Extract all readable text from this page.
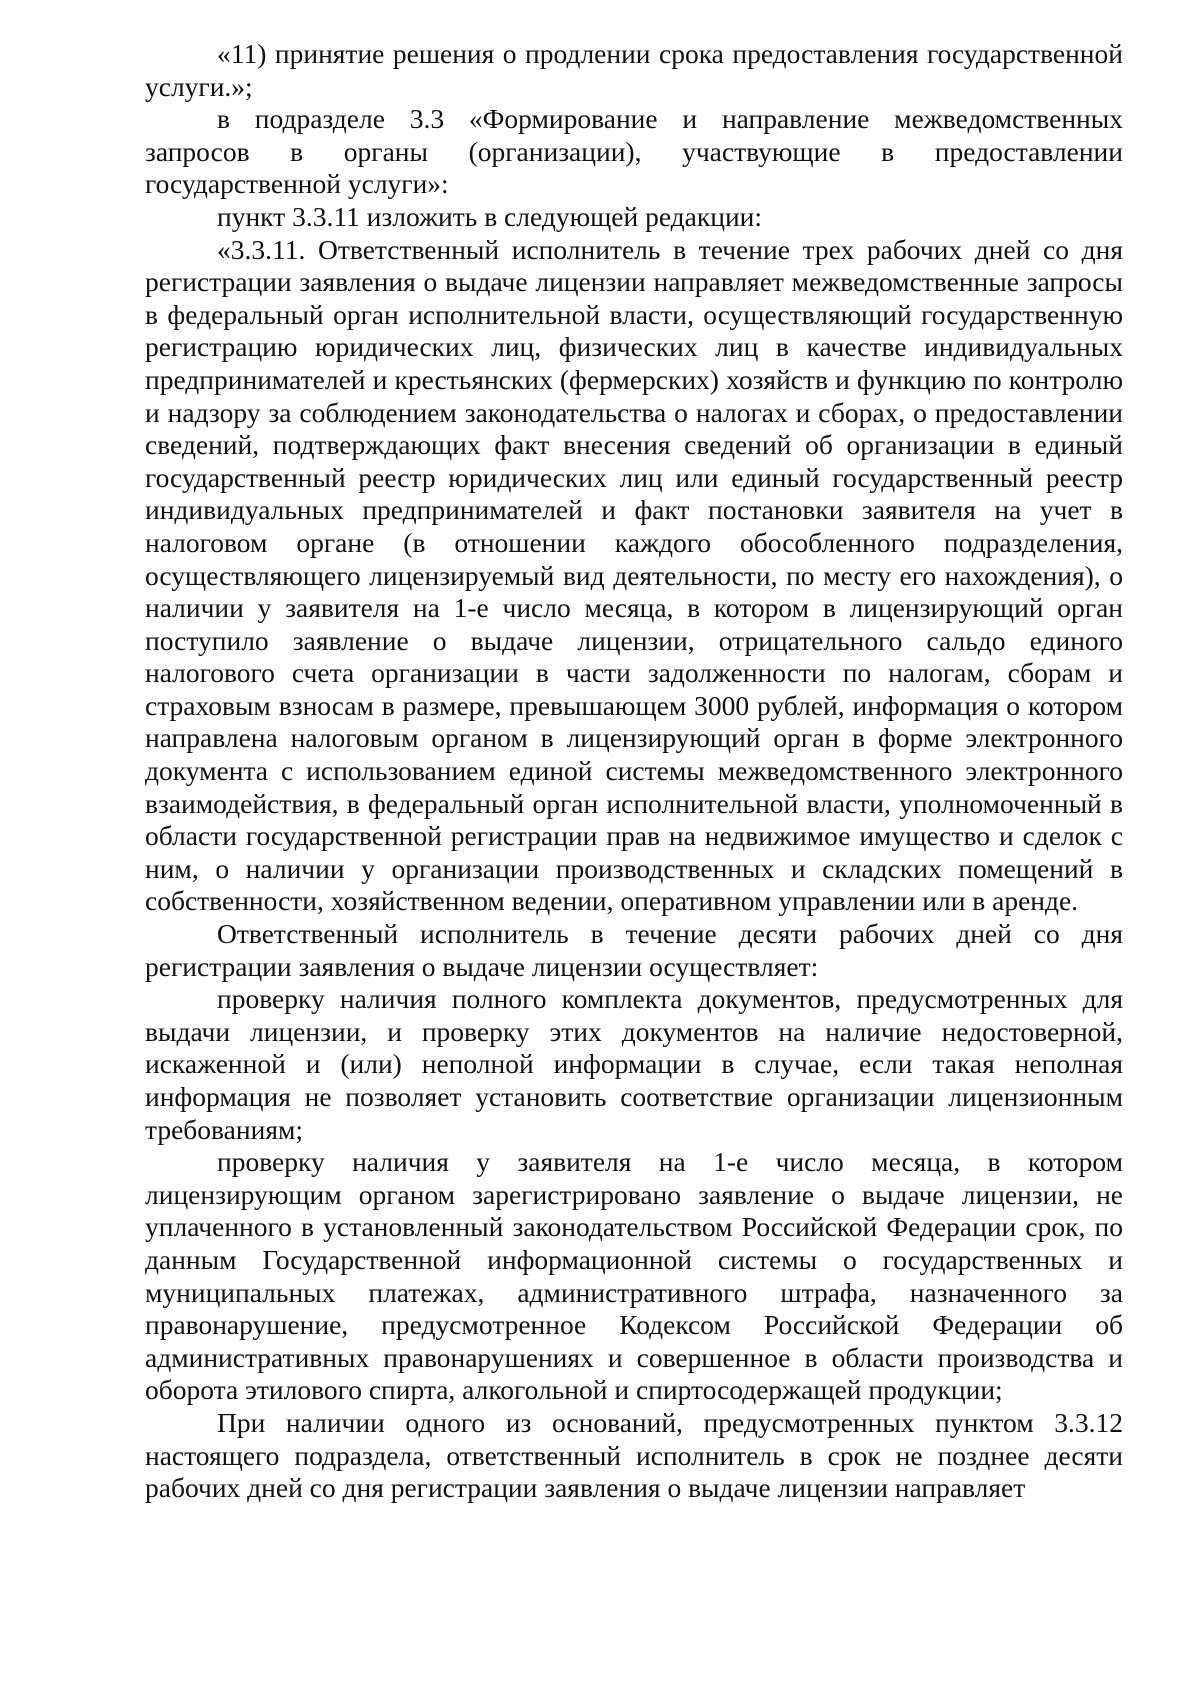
«11) принятие решения о продлении срока предоставления государственной услуги.»;

в подразделе 3.3 «Формирование и направление межведомственных запросов в органы (организации), участвующие в предоставлении государственной услуги»:

пункт 3.3.11 изложить в следующей редакции:

«3.3.11. Ответственный исполнитель в течение трех рабочих дней со дня регистрации заявления о выдаче лицензии направляет межведомственные запросы в федеральный орган исполнительной власти, осуществляющий государственную регистрацию юридических лиц, физических лиц в качестве индивидуальных предпринимателей и крестьянских (фермерских) хозяйств и функцию по контролю и надзору за соблюдением законодательства о налогах и сборах, о предоставлении сведений, подтверждающих факт внесения сведений об организации в единый государственный реестр юридических лиц или единый государственный реестр индивидуальных предпринимателей и факт постановки заявителя на учет в налоговом органе (в отношении каждого обособленного подразделения, осуществляющего лицензируемый вид деятельности, по месту его нахождения), о наличии у заявителя на 1-е число месяца, в котором в лицензирующий орган поступило заявление о выдаче лицензии, отрицательного сальдо единого налогового счета организации в части задолженности по налогам, сборам и страховым взносам в размере, превышающем 3000 рублей, информация о котором направлена налоговым органом в лицензирующий орган в форме электронного документа с использованием единой системы межведомственного электронного взаимодействия, в федеральный орган исполнительной власти, уполномоченный в области государственной регистрации прав на недвижимое имущество и сделок с ним, о наличии у организации производственных и складских помещений в собственности, хозяйственном ведении, оперативном управлении или в аренде.

Ответственный исполнитель в течение десяти рабочих дней со дня регистрации заявления о выдаче лицензии осуществляет:

проверку наличия полного комплекта документов, предусмотренных для выдачи лицензии, и проверку этих документов на наличие недостоверной, искаженной и (или) неполной информации в случае, если такая неполная информация не позволяет установить соответствие организации лицензионным требованиям;

проверку наличия у заявителя на 1-е число месяца, в котором лицензирующим органом зарегистрировано заявление о выдаче лицензии, не уплаченного в установленный законодательством Российской Федерации срок, по данным Государственной информационной системы о государственных и муниципальных платежах, административного штрафа, назначенного за правонарушение, предусмотренное Кодексом Российской Федерации об административных правонарушениях и совершенное в области производства и оборота этилового спирта, алкогольной и спиртосодержащей продукции;

При наличии одного из оснований, предусмотренных пунктом 3.3.12 настоящего подраздела, ответственный исполнитель в срок не позднее десяти рабочих дней со дня регистрации заявления о выдаче лицензии направляет
